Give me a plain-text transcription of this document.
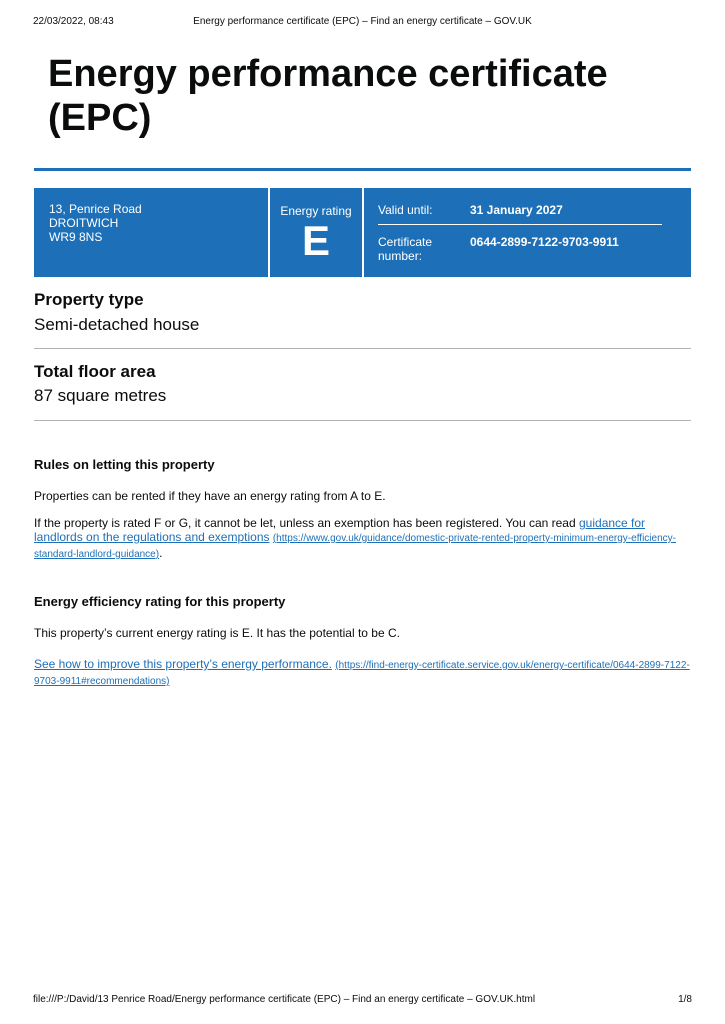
22/03/2022, 08:43	Energy performance certificate (EPC) – Find an energy certificate – GOV.UK
Energy performance certificate (EPC)
13, Penrice Road
DROITWICH
WR9 8NS
Energy rating
E
Valid until:	31 January 2027
Certificate number:
0644-2899-7122-9703-9911
Property type

Semi-detached house

Total floor area

87 square metres

Rules on letting this property

Properties can be rented if they have an energy rating from A to E.

If the property is rated F or G, it cannot be let, unless an exemption has been registered. You can read guidance for landlords on the regulations and exemptions (https://www.gov.uk/guidance/domestic-private-rented-property-minimum-energy-efficiency-standard-landlord-guidance).

Energy efficiency rating for this property

This property’s current energy rating is E. It has the potential to be C.

See how to improve this property’s energy performance. (https://find-energy-certificate.service.gov.uk/energy-certificate/0644-2899-7122-9703-9911#recommendations)

file:///P:/David/13 Penrice Road/Energy performance certificate (EPC) – Find an energy certificate – GOV.UK.html	1/8
